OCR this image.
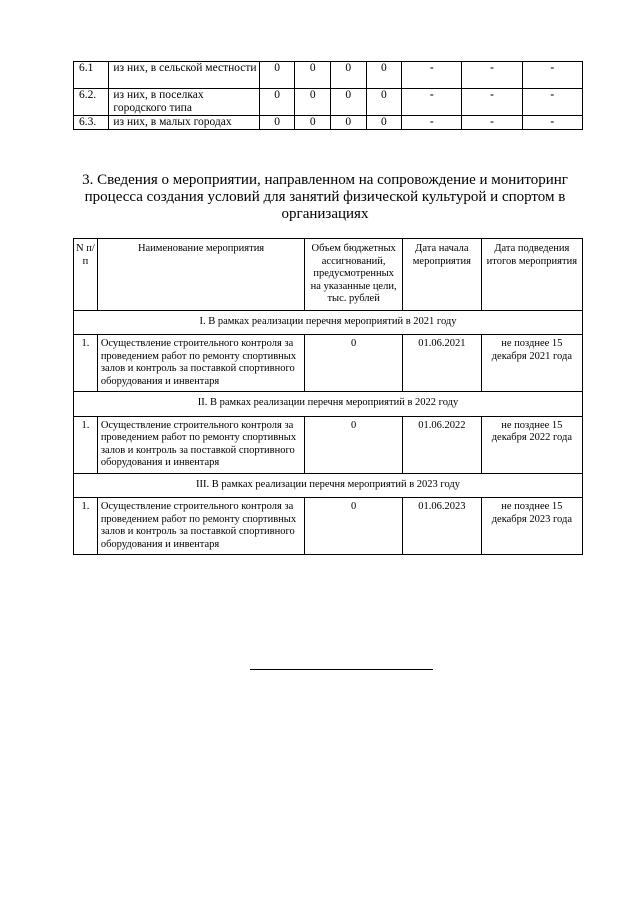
6.1	из них, в сельской местности	0	0	0	0	-	-	-
6.2.	из них, в поселках городского типа	0	0	0	0	-	-	-
6.3.	из них, в малых городах	0	0	0	0	-	-	-
3. Сведения о мероприятии, направленном на сопровождение и мониторинг процесса создания условий для занятий физической культурой и спортом в организациях
N п/п	Наименование мероприятия	Объем бюджетных ассигнований, предусмотренных на указанные цели, тыс. рублей	Дата начала мероприятия	Дата подведения итогов мероприятия
I. В рамках реализации перечня мероприятий в 2021 году				
1.	Осуществление строительного контроля за проведением работ по ремонту спортивных залов и контроль за поставкой спортивного оборудования и инвентаря	0	01.06.2021	не позднее 15 декабря 2021 года
II. В рамках реализации перечня мероприятий в 2022 году				
1.	Осуществление строительного контроля за проведением работ по ремонту спортивных залов и контроль за поставкой спортивного оборудования и инвентаря	0	01.06.2022	не позднее 15 декабря 2022 года
III. В рамках реализации перечня мероприятий в 2023 году				
1.	Осуществление строительного контроля за проведением работ по ремонту спортивных залов и контроль за поставкой спортивного оборудования и инвентаря	0	01.06.2023	не позднее 15 декабря 2023 года
